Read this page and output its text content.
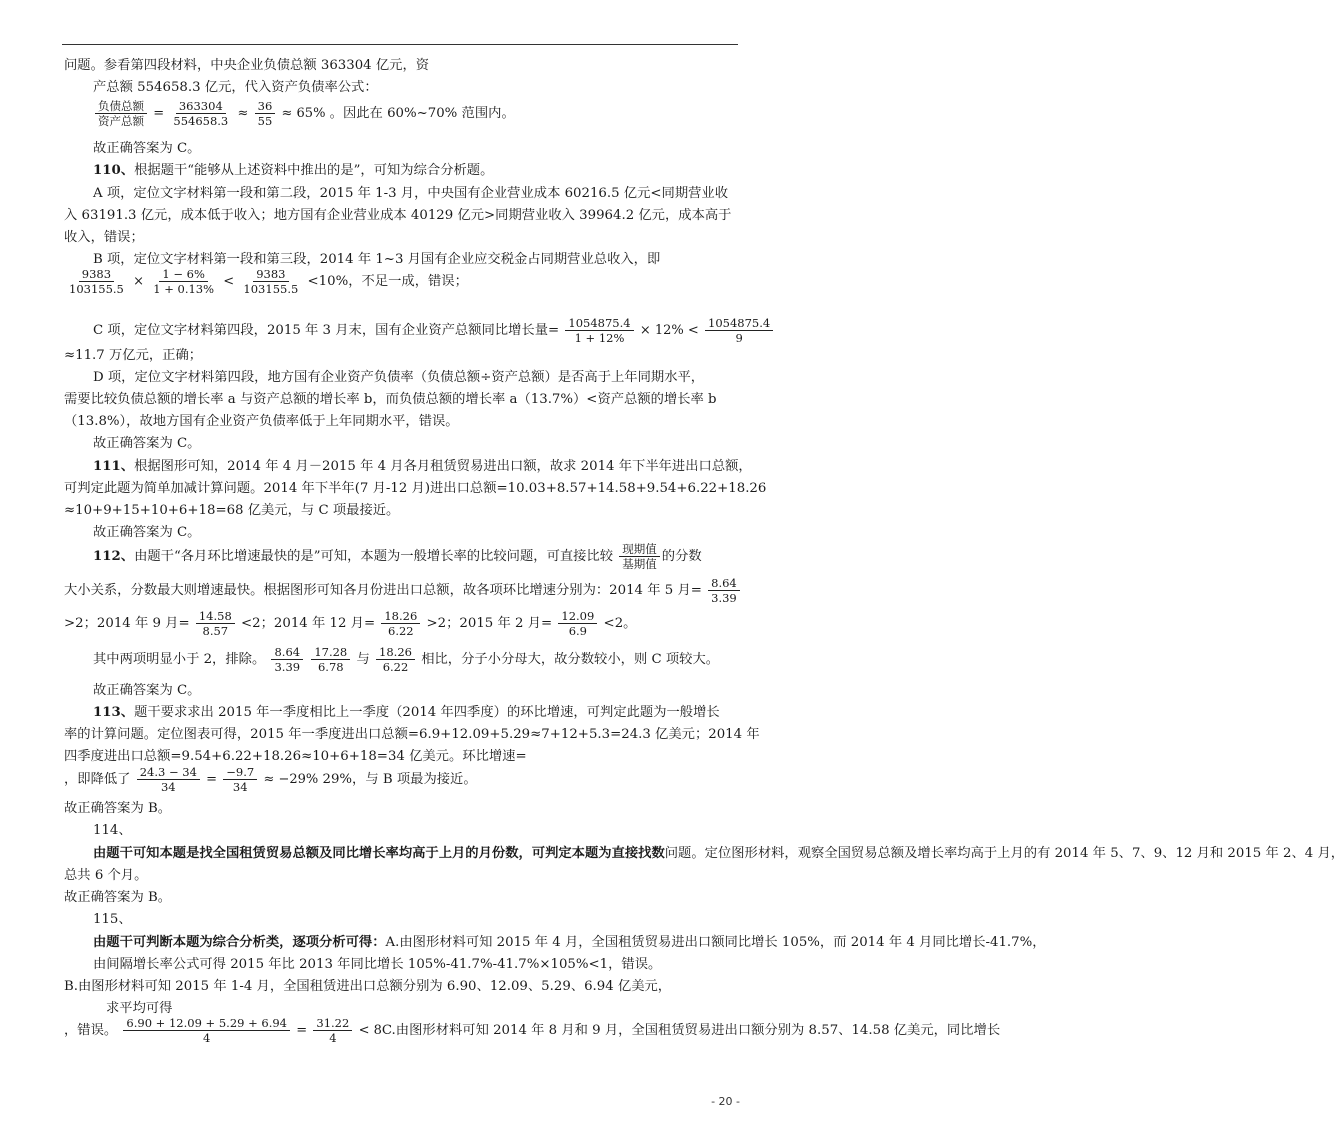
问题。参看第四段材料，中央企业负债总额 363304 亿元，资
产总额 554658.3 亿元，代入资产负债率公式：
$\frac{\text{负债总额}}{\text{资产总额}} = \frac{363304}{554658.3} \approx \frac{36}{55} \approx 65\%$ 。因此在 60%~70% 范围内。
故正确答案为 C。
110、根据题干“能够从上述资料中推出的是”，可知为综合分析题。
A 项，定位文字材料第一段和第二段，2015 年 1-3 月，中央国有企业营业成本 60216.5 亿元<同期营业收
入 63191.3 亿元，成本低于收入；地方国有企业营业成本 40129 亿元>同期营业收入 39964.2 亿元，成本高于
收入，错误；
B 项，定位文字材料第一段和第三段，2014 年 1~3 月国有企业应交税金占同期营业总收入，即
$\frac{9383}{103155.5} \times \frac{1 - 6\%}{1 + 0.13\%} < \frac{9383}{103155.5} <10\%$，不足一成，错误；
C 项，定位文字材料第四段，2015 年 3 月末，国有企业资产总额同比增长量= $\frac{1054875.4}{1 + 12\%} \times 12\% < \frac{1054875.4}{9}$
≈11.7 万亿元，正确；
D 项，定位文字材料第四段，地方国有企业资产负债率（负债总额÷资产总额）是否高于上年同期水平，
需要比较负债总额的增长率 a 与资产总额的增长率 b，而负债总额的增长率 a（13.7%）<资产总额的增长率 b
（13.8%），故地方国有企业资产负债率低于上年同期水平，错误。
故正确答案为 C。
111、根据图形可知，2014 年 4 月－2015 年 4 月各月租赁贸易进出口额，故求 2014 年下半年进出口总额，
可判定此题为简单加减计算问题。2014 年下半年(7 月-12 月)进出口总额=10.03+8.57+14.58+9.54+6.22+18.26
≈10+9+15+10+6+18=68 亿美元，与 C 项最接近。
故正确答案为 C。
112、由题干“各月环比增速最快的是”可知，本题为一般增长率的比较问题，可直接比较 $\frac{\text{现期值}}{\text{基期值}}$ 的分数
大小关系，分数最大则增速最快。根据图形可知各月份进出口总额，故各项环比增速分别为：2014 年 5 月= $\frac{8.64}{3.39}$
>2；2014 年 9 月= $\frac{14.58}{8.57} <2$；2014 年 12 月= $\frac{18.26}{6.22} >2$；2015 年 2 月= $\frac{12.09}{6.9} <2$。
其中两项明显小于 2，排除。 $\frac{8.64}{3.39}$
$\frac{17.28}{6.78}$ 与 $\frac{18.26}{6.22}$ 相比，分子小分母大，故分数较小，则 C 项较大。
故正确答案为 C。
113、题干要求求出 2015 年一季度相比上一季度（2014 年四季度）的环比增速，可判定此题为一般增长
率的计算问题。定位图表可得，2015 年一季度进出口总额=6.9+12.09+5.29≈7+12+5.3=24.3 亿美元；2014 年
四季度进出口总额=9.54+6.22+18.26≈10+6+18=34 亿美元。环比增速=
，即降低了 $\frac{24.3 - 34}{34} = \frac{-9.7}{34} \approx -29\%$ 29%，与 B 项最为接近。
故正确答案为 B。
114、
由题干可知本题是找全国租赁贸易总额及同比增长率均高于上月的月份数，可判定本题为直接找数问题。定位图形材料，观察全国贸易总额及增长率均高于上月的有 2014 年 5、7、9、12 月和 2015 年 2、4 月，
总共 6 个月。
故正确答案为 B。
115、
由题干可判断本题为综合分析类，逐项分析可得：A.由图形材料可知 2015 年 4 月，全国租赁贸易进出口额同比增长 105%，而 2014 年 4 月同比增长-41.7%，
由间隔增长率公式可得 2015 年比 2013 年同比增长 105%-41.7%-41.7%×105%<1，错误。
B.由图形材料可知 2015 年 1-4 月，全国租赁进出口总额分别为 6.90、12.09、5.29、6.94 亿美元，
求平均可得
，错误。 $\frac{6.90 + 12.09 + 5.29 + 6.94}{4} = \frac{31.22}{4} < 8C$.由图形材料可知 2014 年 8 月和 9 月，全国租赁贸易进出口额分别为 8.57、14.58 亿美元，同比增长
- 20 -
